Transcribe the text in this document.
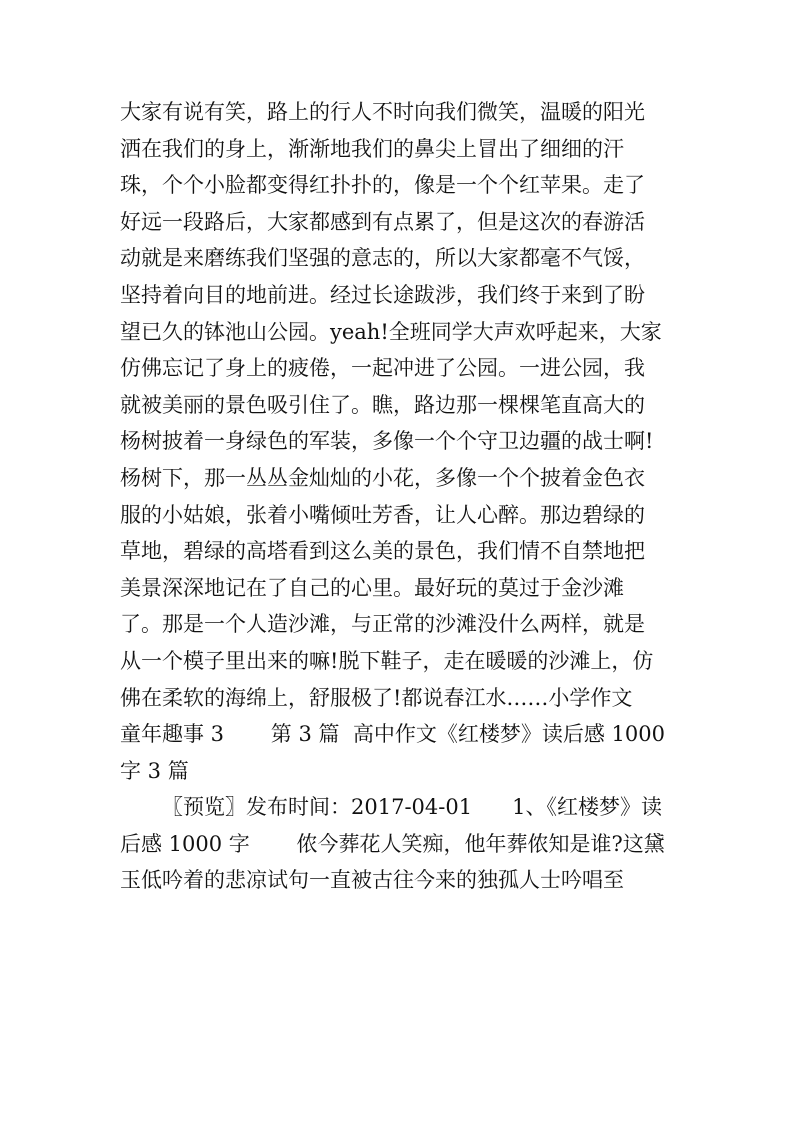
大家有说有笑，路上的行人不时向我们微笑，温暖的阳光
洒在我们的身上，渐渐地我们的鼻尖上冒出了细细的汗
珠，个个小脸都变得红扑扑的，像是一个个红苹果。走了
好远一段路后，大家都感到有点累了，但是这次的春游活
动就是来磨练我们坚强的意志的，所以大家都毫不气馁，
坚持着向目的地前进。经过长途跋涉，我们终于来到了盼
望已久的钵池山公园。yeah!全班同学大声欢呼起来，大家
仿佛忘记了身上的疲倦，一起冲进了公园。一进公园，我
就被美丽的景色吸引住了。瞧，路边那一棵棵笔直高大的
杨树披着一身绿色的军装，多像一个个守卫边疆的战士啊!
杨树下，那一丛丛金灿灿的小花，多像一个个披着金色衣
服的小姑娘，张着小嘴倾吐芳香，让人心醉。那边碧绿的
草地，碧绿的高塔看到这么美的景色，我们情不自禁地把
美景深深地记在了自己的心里。最好玩的莫过于金沙滩
了。那是一个人造沙滩，与正常的沙滩没什么两样，就是
从一个模子里出来的嘛!脱下鞋子，走在暖暖的沙滩上，仿
佛在柔软的海绵上，舒服极了!都说春江水……小学作文
童年趣事 3       第 3 篇  高中作文《红楼梦》读后感 1000
字 3 篇
〖预览〗发布时间：2017-04-01      1、《红楼梦》读
后感 1000 字       侬今葬花人笑痴，他年葬侬知是谁?这黛
玉低吟着的悲凉试句一直被古往今来的独孤人士吟唱至
